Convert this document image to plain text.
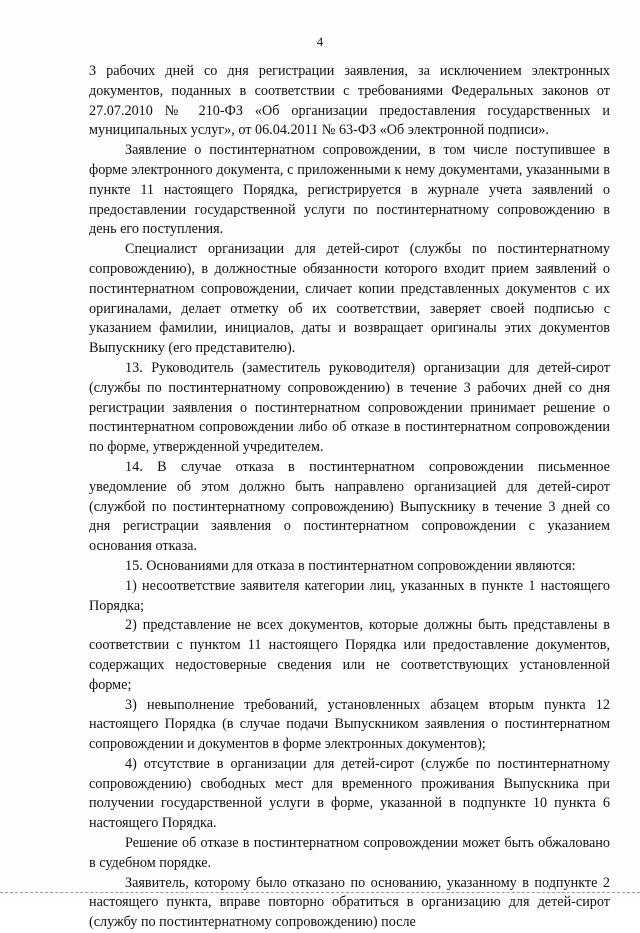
4

3 рабочих дней со дня регистрации заявления, за исключением электронных документов, поданных в соответствии с требованиями Федеральных законов от 27.07.2010 № 210-ФЗ «Об организации предоставления государственных и муниципальных услуг», от 06.04.2011 № 63-ФЗ «Об электронной подписи».

Заявление о постинтернатном сопровождении, в том числе поступившее в форме электронного документа, с приложенными к нему документами, указанными в пункте 11 настоящего Порядка, регистрируется в журнале учета заявлений о предоставлении государственной услуги по постинтернатному сопровождению в день его поступления.

Специалист организации для детей-сирот (службы по постинтернатному сопровождению), в должностные обязанности которого входит прием заявлений о постинтернатном сопровождении, сличает копии представленных документов с их оригиналами, делает отметку об их соответствии, заверяет своей подписью с указанием фамилии, инициалов, даты и возвращает оригиналы этих документов Выпускнику (его представителю).

13. Руководитель (заместитель руководителя) организации для детей-сирот (службы по постинтернатному сопровождению) в течение 3 рабочих дней со дня регистрации заявления о постинтернатном сопровождении принимает решение о постинтернатном сопровождении либо об отказе в постинтернатном сопровождении по форме, утвержденной учредителем.

14. В случае отказа в постинтернатном сопровождении письменное уведомление об этом должно быть направлено организацией для детей-сирот (службой по постинтернатному сопровождению) Выпускнику в течение 3 дней со дня регистрации заявления о постинтернатном сопровождении с указанием основания отказа.

15. Основаниями для отказа в постинтернатном сопровождении являются:

1) несоответствие заявителя категории лиц, указанных в пункте 1 настоящего Порядка;

2) представление не всех документов, которые должны быть представлены в соответствии с пунктом 11 настоящего Порядка или предоставление документов, содержащих недостоверные сведения или не соответствующих установленной форме;

3) невыполнение требований, установленных абзацем вторым пункта 12 настоящего Порядка (в случае подачи Выпускником заявления о постинтернатном сопровождении и документов в форме электронных документов);

4) отсутствие в организации для детей-сирот (службе по постинтернатному сопровождению) свободных мест для временного проживания Выпускника при получении государственной услуги в форме, указанной в подпункте 10 пункта 6 настоящего Порядка.

Решение об отказе в постинтернатном сопровождении может быть обжаловано в судебном порядке.

Заявитель, которому было отказано по основанию, указанному в подпункте 2 настоящего пункта, вправе повторно обратиться в организацию для детей-сирот (службу по постинтернатному сопровождению) после
